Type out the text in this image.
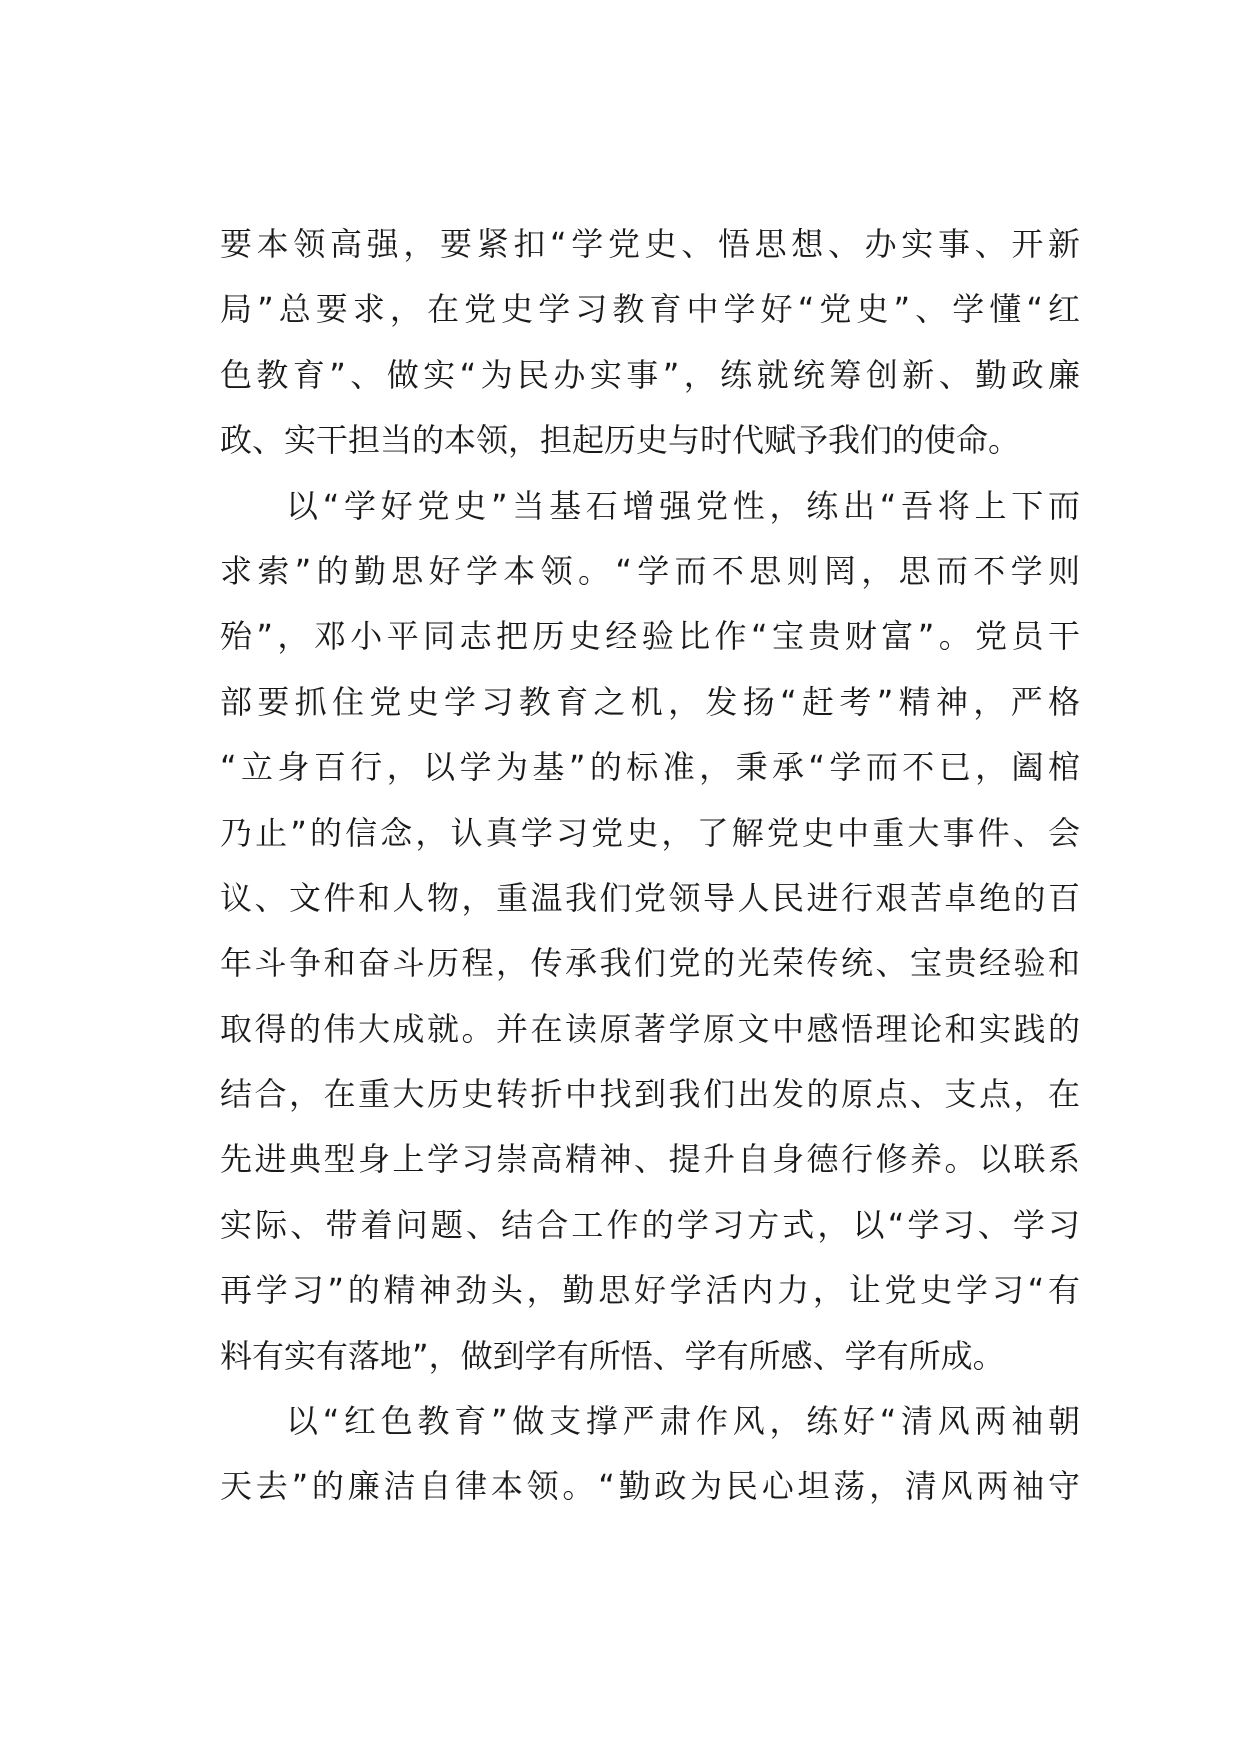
要本领高强，要紧扣“学党史、悟思想、办实事、开新
局”总要求，在党史学习教育中学好“党史”、学懂“红
色教育”、做实“为民办实事”，练就统筹创新、勤政廉
政、实干担当的本领，担起历史与时代赋予我们的使命。
以“学好党史”当基石增强党性，练出“吾将上下而
求索”的勤思好学本领。“学而不思则罔，思而不学则
殆”，邓小平同志把历史经验比作“宝贵财富”。党员干
部要抓住党史学习教育之机，发扬“赶考”精神，严格
“立身百行，以学为基”的标准，秉承“学而不已，阖棺
乃止”的信念，认真学习党史，了解党史中重大事件、会
议、文件和人物，重温我们党领导人民进行艰苦卓绝的百
年斗争和奋斗历程，传承我们党的光荣传统、宝贵经验和
取得的伟大成就。并在读原著学原文中感悟理论和实践的
结合，在重大历史转折中找到我们出发的原点、支点，在
先进典型身上学习崇高精神、提升自身德行修养。以联系
实际、带着问题、结合工作的学习方式，以“学习、学习
再学习”的精神劲头，勤思好学活内力，让党史学习“有
料有实有落地”，做到学有所悟、学有所感、学有所成。
以“红色教育”做支撑严肃作风，练好“清风两袖朝
天去”的廉洁自律本领。“勤政为民心坦荡，清风两袖守
